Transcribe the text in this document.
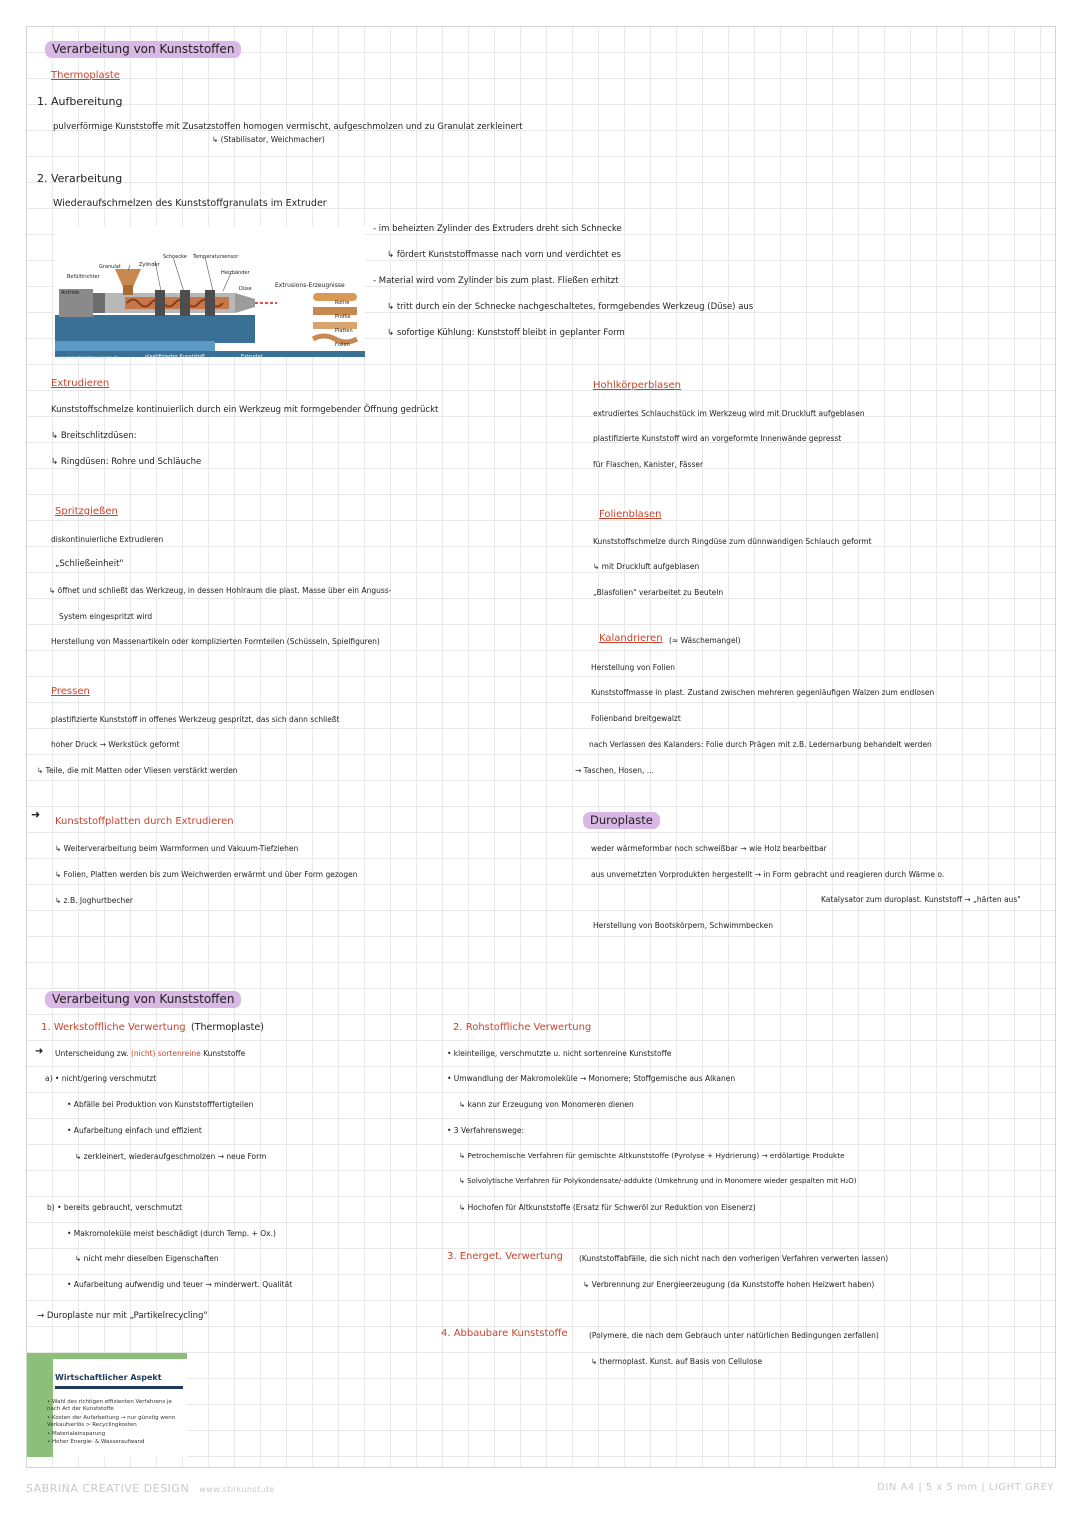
Verarbeitung von Kunststoffen
Thermoplaste
1. Aufbereitung
pulverförmige Kunststoffe mit Zusatzstoffen homogen vermischt, aufgeschmolzen und zu Granulat zerkleinert
↳ (Stabilisator, Weichmacher)
2. Verarbeitung
Wiederaufschmelzen des Kunststoffgranulats im Extruder
Befülltrichter
Granulat	Zylinder
Schnecke Temperatursensor
Heizbänder
Antrieb
Düse	Extrusions-Erzeugnisse
Rohre
Profile
Platten
Folien
plastifizierter Kunststoff	Extrudat
www.maschinenbau-wissen.de
- im beheizten Zylinder des Extruders dreht sich Schnecke
↳ fördert Kunststoffmasse nach vorn und verdichtet es
- Material wird vom Zylinder bis zum plast. Fließen erhitzt
↳ tritt durch ein der Schnecke nachgeschaltetes, formgebendes Werkzeug (Düse) aus
↳ sofortige Kühlung: Kunststoff bleibt in geplanter Form
Extrudieren
Kunststoffschmelze kontinuierlich durch ein Werkzeug mit formgebender Öffnung gedrückt
↳ Breitschlitzdüsen:
↳ Ringdüsen: Rohre und Schläuche
Spritzgießen
diskontinuierliche Extrudieren
„Schließeinheit"
↳ öffnet und schließt das Werkzeug, in dessen Hohlraum die plast. Masse über ein Anguss-
System eingespritzt wird
Herstellung von Massenartikeln oder komplizierten Formteilen (Schüsseln, Spielfiguren)
Pressen
plastifizierte Kunststoff in offenes Werkzeug gespritzt, das sich dann schließt
hoher Druck → Werkstück geformt
↳ Teile, die mit Matten oder Vliesen verstärkt werden
➜
Kunststoffplatten durch Extrudieren
↳ Weiterverarbeitung beim Warmformen und Vakuum-Tiefziehen
↳ Folien, Platten werden bis zum Weichwerden erwärmt und über Form gezogen
↳ z.B. Joghurtbecher
Hohlkörperblasen
extrudiertes Schlauchstück im Werkzeug wird mit Druckluft aufgeblasen
plastifizierte Kunststoff wird an vorgeformte Innenwände gepresst
für Flaschen, Kanister, Fässer
Folienblasen
Kunststoffschmelze durch Ringdüse zum dünnwandigen Schlauch geformt
↳ mit Druckluft aufgeblasen
„Blasfolien" verarbeitet zu Beuteln
Kalandrieren (≈ Wäschemangel)
Herstellung von Folien
Kunststoffmasse in plast. Zustand zwischen mehreren gegenläufigen Walzen zum endlosen
Folienband breitgewalzt
nach Verlassen des Kalanders: Folie durch Prägen mit z.B. Ledernarbung behandelt werden
→ Taschen, Hosen, ...
Duroplaste
weder wärmeformbar noch schweißbar → wie Holz bearbeitbar
aus unvernetzten Vorprodukten hergestellt → in Form gebracht und reagieren durch Wärme o.
Katalysator zum duroplast. Kunststoff → „härten aus"
Herstellung von Bootskörpern, Schwimmbecken
Verarbeitung von Kunststoffen
1. Werkstoffliche Verwertung (Thermoplaste)
➜ Unterscheidung zw. (nicht) sortenreine Kunststoffe
a) • nicht/gering verschmutzt
• Abfälle bei Produktion von Kunststofffertigteilen
• Aufarbeitung einfach und effizient
↳ zerkleinert, wiederaufgeschmolzen → neue Form
b) • bereits gebraucht, verschmutzt
• Makromoleküle meist beschädigt (durch Temp. + Ox.)
↳ nicht mehr dieselben Eigenschaften
• Aufarbeitung aufwendig und teuer → minderwert. Qualität
→ Duroplaste nur mit „Partikelrecycling"
2. Rohstoffliche Verwertung
• kleinteilige, verschmutzte u. nicht sortenreine Kunststoffe
• Umwandlung der Makromoleküle → Monomere; Stoffgemische aus Alkanen
↳ kann zur Erzeugung von Monomeren dienen
• 3 Verfahrenswege:
↳ Petrochemische Verfahren für gemischte Altkunststoffe (Pyrolyse + Hydrierung) → erdölartige Produkte
↳ Solvolytische Verfahren für Polykondensate/-addukte (Umkehrung und in Monomere wieder gespalten mit H₂O)
↳ Hochofen für Altkunststoffe (Ersatz für Schweröl zur Reduktion von Eisenerz)
3. Energet. Verwertung (Kunststoffabfälle, die sich nicht nach den vorherigen Verfahren verwerten lassen)
↳ Verbrennung zur Energieerzeugung (da Kunststoffe hohen Heizwert haben)
4. Abbaubare Kunststoffe	(Polymere, die nach dem Gebrauch unter natürlichen Bedingungen zerfallen)
↳ thermoplast. Kunst. auf Basis von Cellulose
Wirtschaftlicher Aspekt
• Wahl des richtigen effizienten Verfahrens je
nach Art der Kunststoffe
• Kosten der Aufarbeitung → nur günstig wenn
Verkaufserlös > Recyclingkosten
• Materialeinsparung
• Hoher Energie- & Wasseraufwand
SABRINA CREATIVE DESIGN www.stilkunst.de	DIN A4 | 5 x 5 mm | LIGHT GREY
